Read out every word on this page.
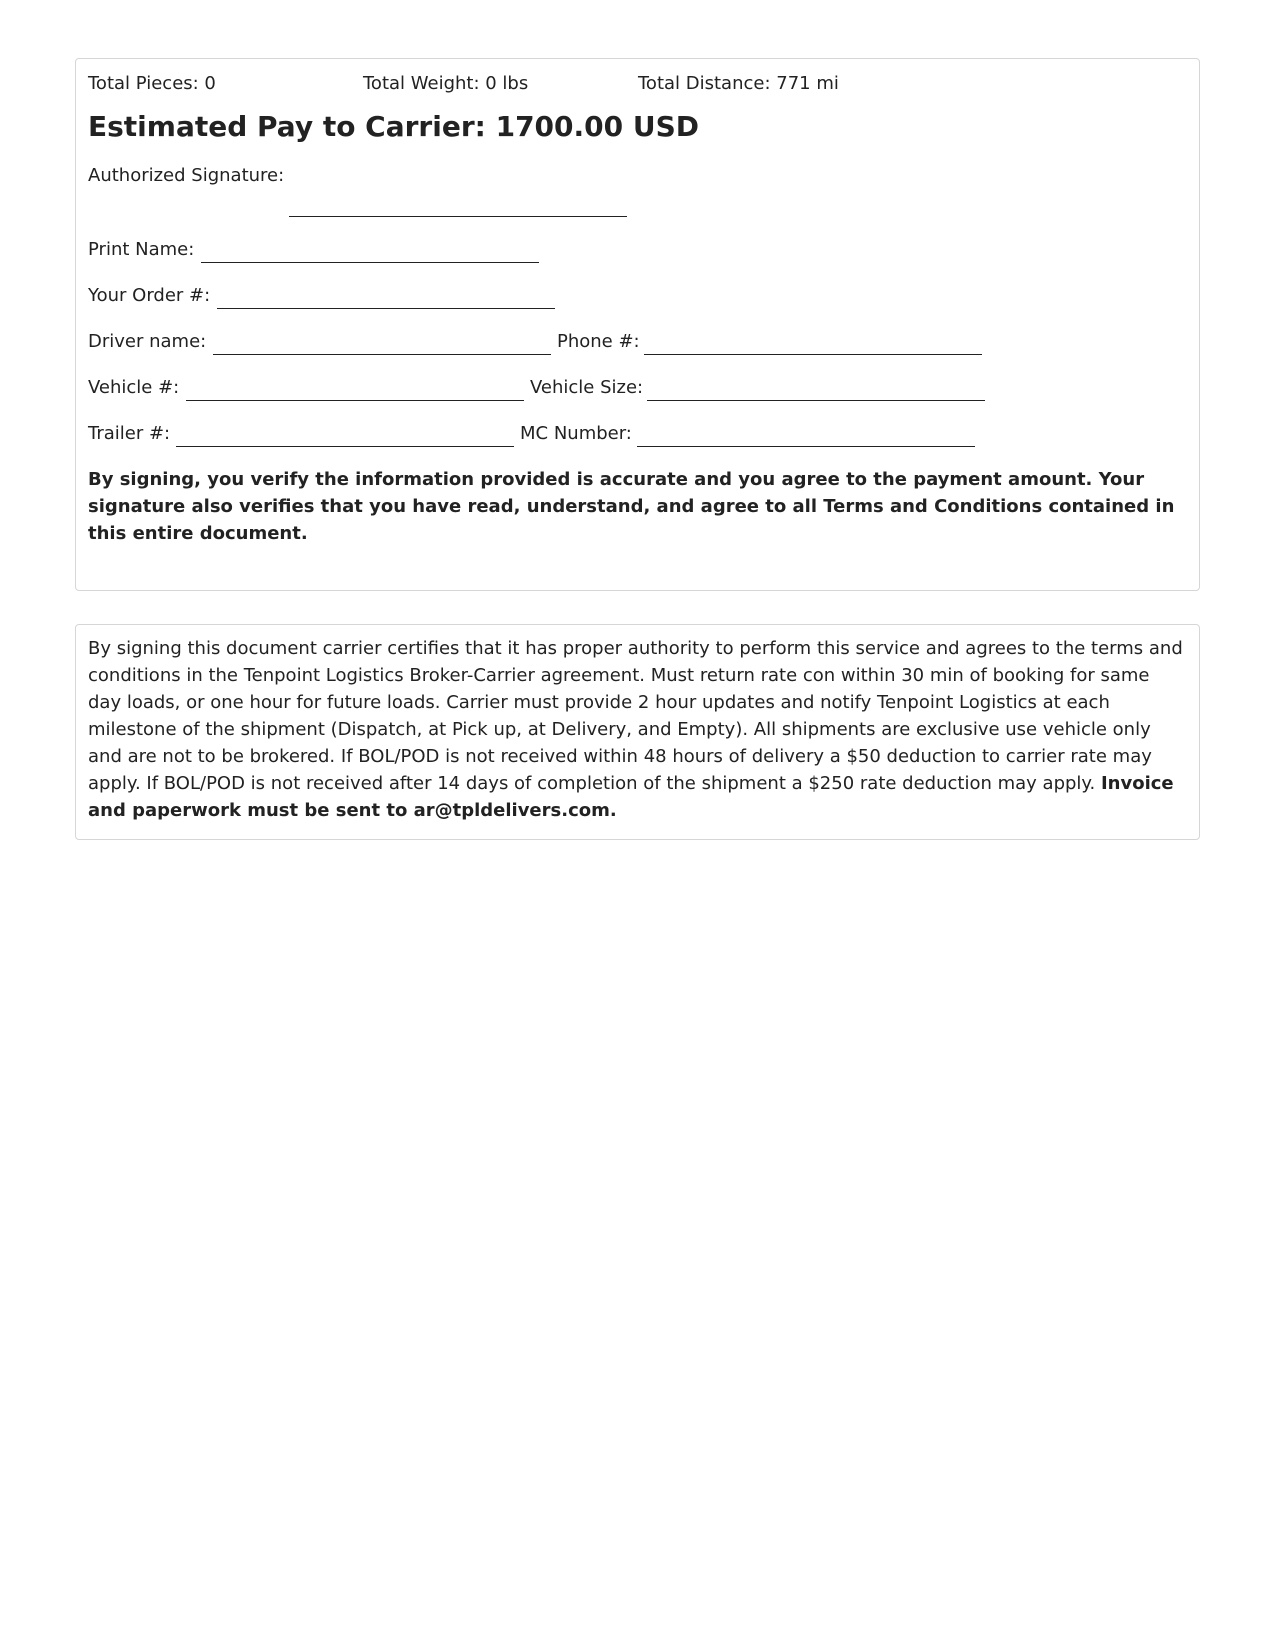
Total Pieces: 0	Total Weight: 0 lbs	Total Distance: 771 mi
Estimated Pay to Carrier: 1700.00 USD
Authorized Signature:
Print Name:
Your Order #:
Driver name:	Phone #:
Vehicle #:	Vehicle Size:
Trailer #:	MC Number:
By signing, you verify the information provided is accurate and you agree to the payment amount. Your signature also verifies that you have read, understand, and agree to all Terms and Conditions contained in this entire document.
By signing this document carrier certifies that it has proper authority to perform this service and agrees to the terms and conditions in the Tenpoint Logistics Broker-Carrier agreement. Must return rate con within 30 min of booking for same day loads, or one hour for future loads. Carrier must provide 2 hour updates and notify Tenpoint Logistics at each milestone of the shipment (Dispatch, at Pick up, at Delivery, and Empty). All shipments are exclusive use vehicle only and are not to be brokered. If BOL/POD is not received within 48 hours of delivery a $50 deduction to carrier rate may apply. If BOL/POD is not received after 14 days of completion of the shipment a $250 rate deduction may apply. Invoice and paperwork must be sent to ar@tpldelivers.com.
